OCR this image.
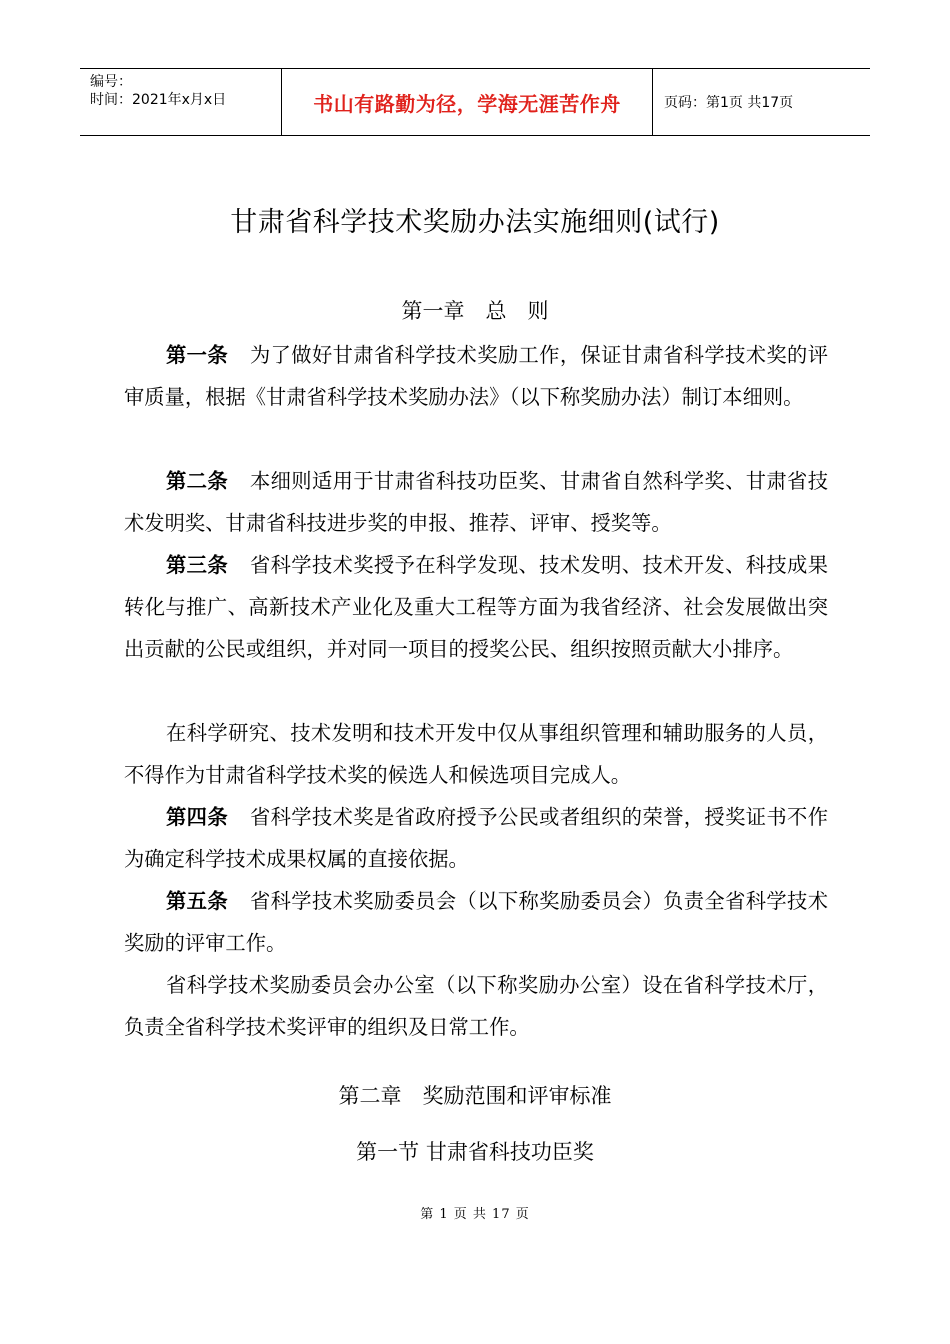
编号：
时间：2021年x月x日	书山有路勤为径，学海无涯苦作舟	页码：第1页 共17页
甘肃省科学技术奖励办法实施细则(试行)
第一章　总　则

第一条 为了做好甘肃省科学技术奖励工作，保证甘肃省科学技术奖的评审质量，根据《甘肃省科学技术奖励办法》（以下称奖励办法）制订本细则。

第二条 本细则适用于甘肃省科技功臣奖、甘肃省自然科学奖、甘肃省技术发明奖、甘肃省科技进步奖的申报、推荐、评审、授奖等。

第三条 省科学技术奖授予在科学发现、技术发明、技术开发、科技成果转化与推广、高新技术产业化及重大工程等方面为我省经济、社会发展做出突出贡献的公民或组织，并对同一项目的授奖公民、组织按照贡献大小排序。

在科学研究、技术发明和技术开发中仅从事组织管理和辅助服务的人员，不得作为甘肃省科学技术奖的候选人和候选项目完成人。

第四条 省科学技术奖是省政府授予公民或者组织的荣誉，授奖证书不作为确定科学技术成果权属的直接依据。

第五条 省科学技术奖励委员会（以下称奖励委员会）负责全省科学技术奖励的评审工作。

省科学技术奖励委员会办公室（以下称奖励办公室）设在省科学技术厅，负责全省科学技术奖评审的组织及日常工作。

第二章　奖励范围和评审标准
第一节 甘肃省科技功臣奖
第 1 页 共 17 页
